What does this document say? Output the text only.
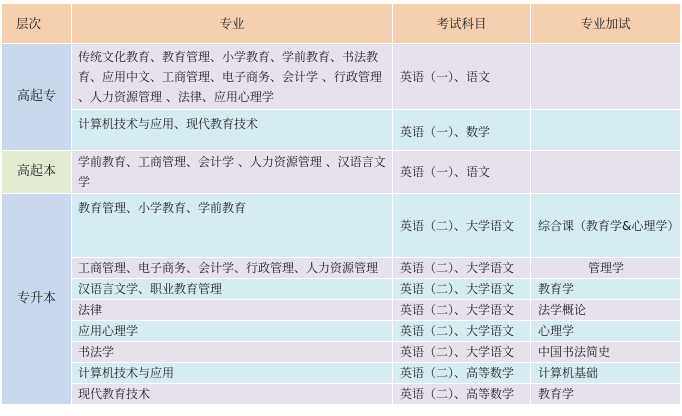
层次	专业	考试科目	专业加试
高起专	传统文化教育、教育管理、小学教育、学前教育、书法教育、应用中文、工商管理、电子商务、会计学 、行政管理 、人力资源管理 、法律、应用心理学	英语（一）、语文	
	计算机技术与应用、现代教育技术	英语（一）、数学	
高起本	学前教育、工商管理、会计学 、人力资源管理 、汉语言文学	英语（一）、语文	
专升本	教育管理、小学教育、学前教育	英语（二）、大学语文	综合课（教育学&心理学）
	工商管理、电子商务、会计学、行政管理、人力资源管理	英语（二）、大学语文	管理学
	汉语言文学、职业教育管理	英语（二）、大学语文	教育学
	法律	英语（二）、大学语文	法学概论
	应用心理学	英语（二）、大学语文	心理学
	书法学	英语（二）、大学语文	中国书法简史
	计算机技术与应用	英语（二）、高等数学	计算机基础
	现代教育技术	英语（二）、高等数学	教育学
